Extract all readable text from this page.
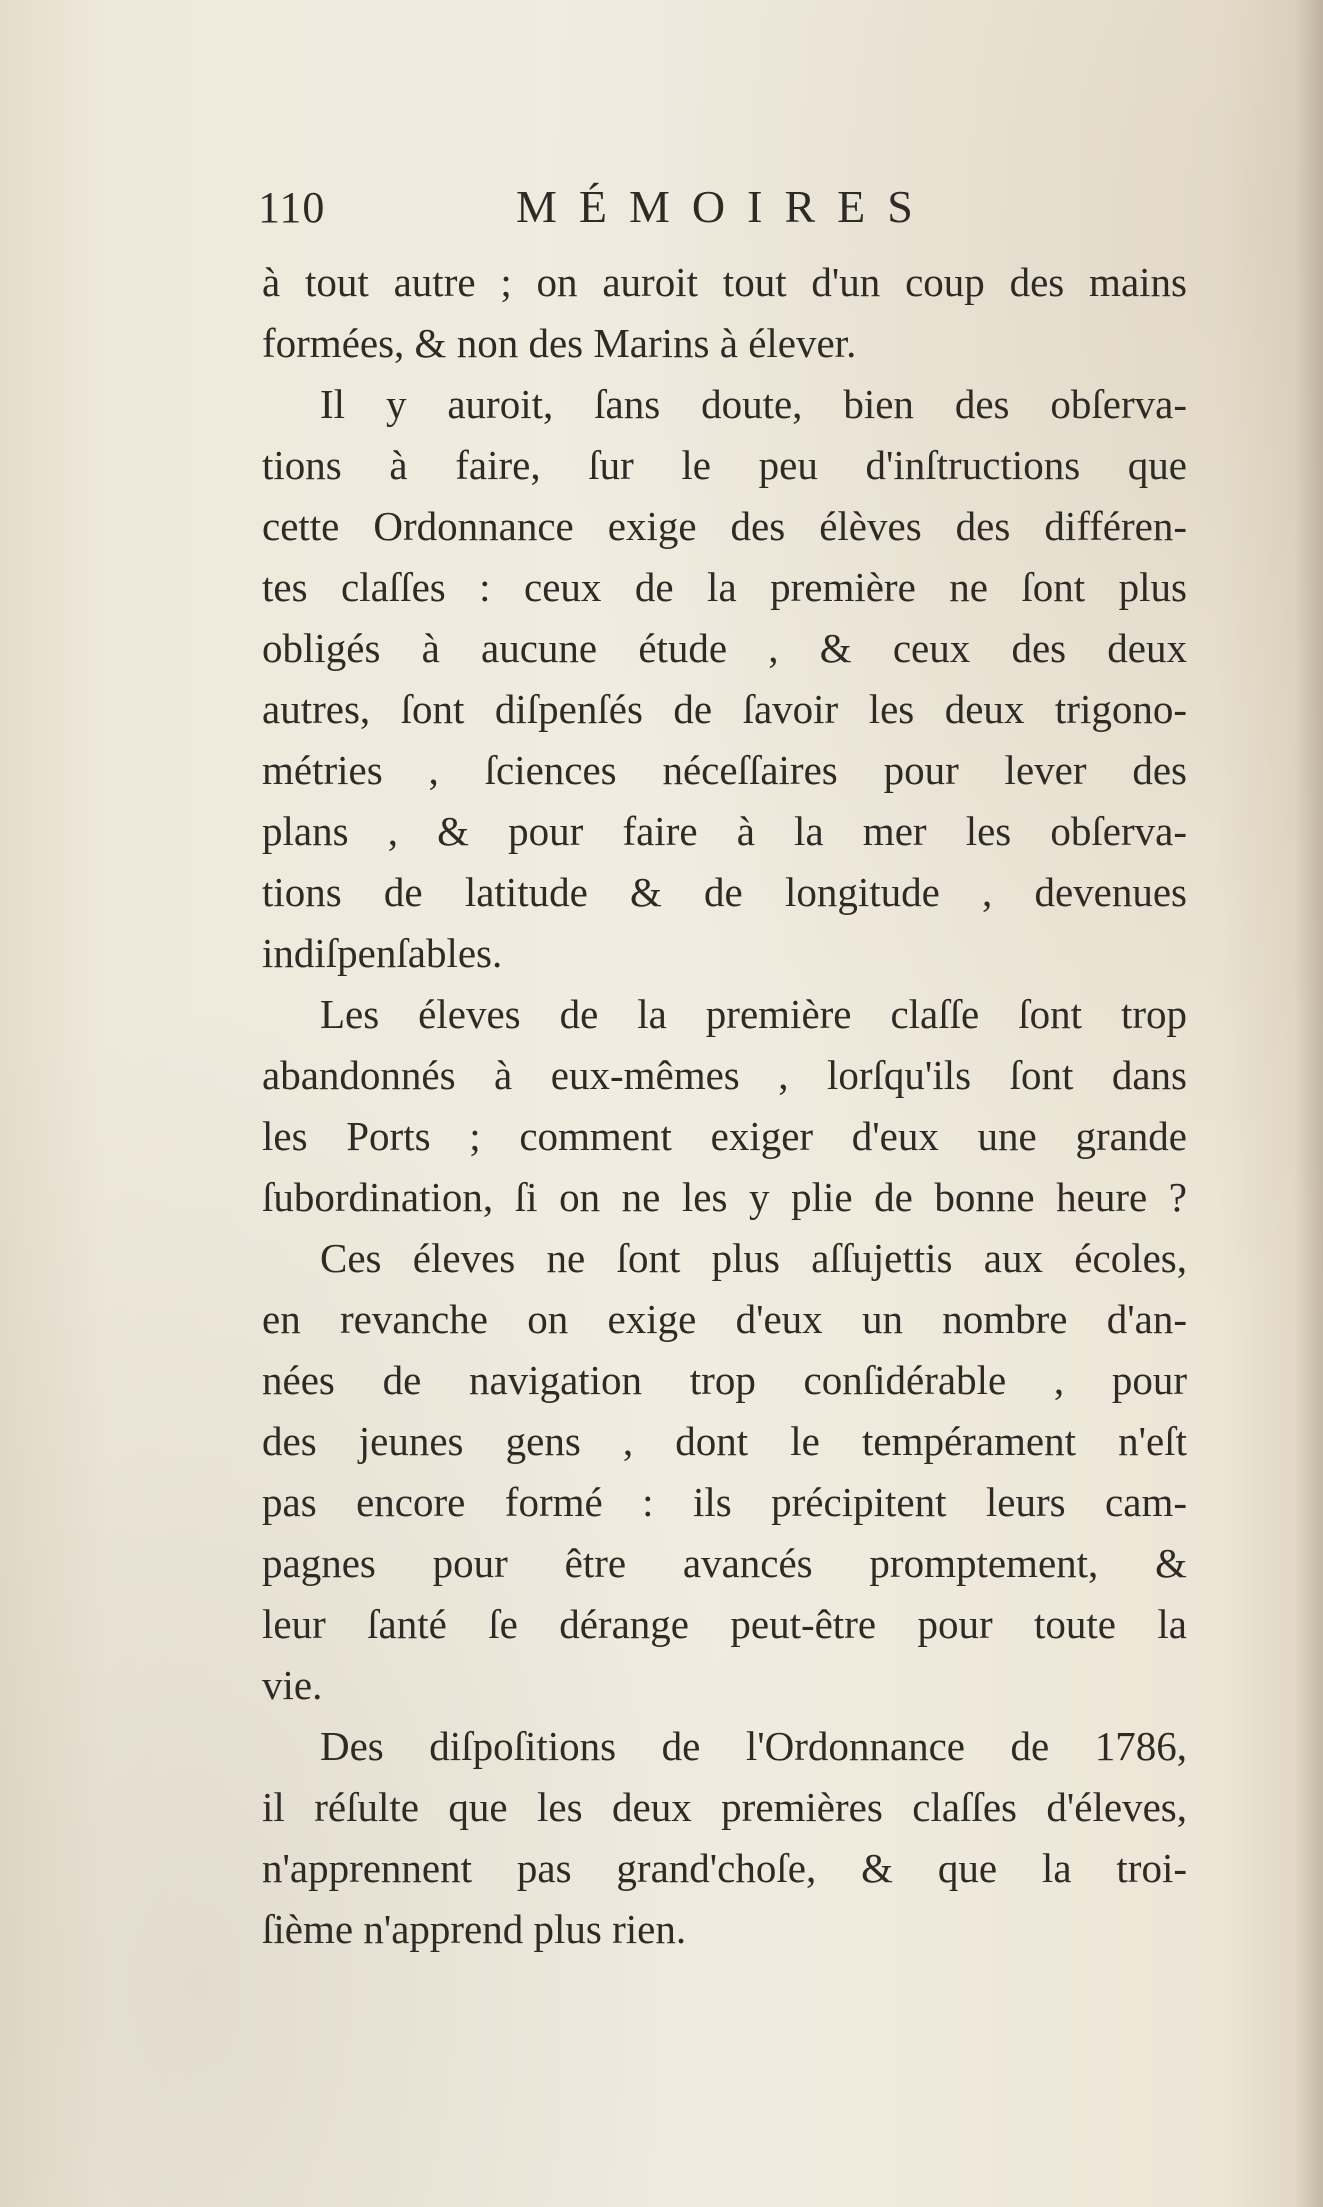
110	MÉMOIRES
à tout autre ; on auroit tout d'un coup des mains
formées, & non des Marins à élever.
Il y auroit, ſans doute, bien des obſerva-
tions à faire, ſur le peu d'inſtructions que
cette Ordonnance exige des élèves des différen-
tes claſſes : ceux de la première ne ſont plus
obligés à aucune étude , & ceux des deux
autres, ſont diſpenſés de ſavoir les deux trigono-
métries , ſciences néceſſaires pour lever des
plans , & pour faire à la mer les obſerva-
tions de latitude & de longitude , devenues
indiſpenſables.
Les éleves de la première claſſe ſont trop
abandonnés à eux-mêmes , lorſqu'ils ſont dans
les Ports ; comment exiger d'eux une grande
ſubordination, ſi on ne les y plie de bonne heure ?
Ces éleves ne ſont plus aſſujettis aux écoles,
en revanche on exige d'eux un nombre d'an-
nées de navigation trop conſidérable , pour
des jeunes gens , dont le tempérament n'eſt
pas encore formé : ils précipitent leurs cam-
pagnes pour être avancés promptement, &
leur ſanté ſe dérange peut-être pour toute la
vie.
Des diſpoſitions de l'Ordonnance de 1786,
il réſulte que les deux premières claſſes d'éleves,
n'apprennent pas grand'choſe, & que la troi-
ſième n'apprend plus rien.
